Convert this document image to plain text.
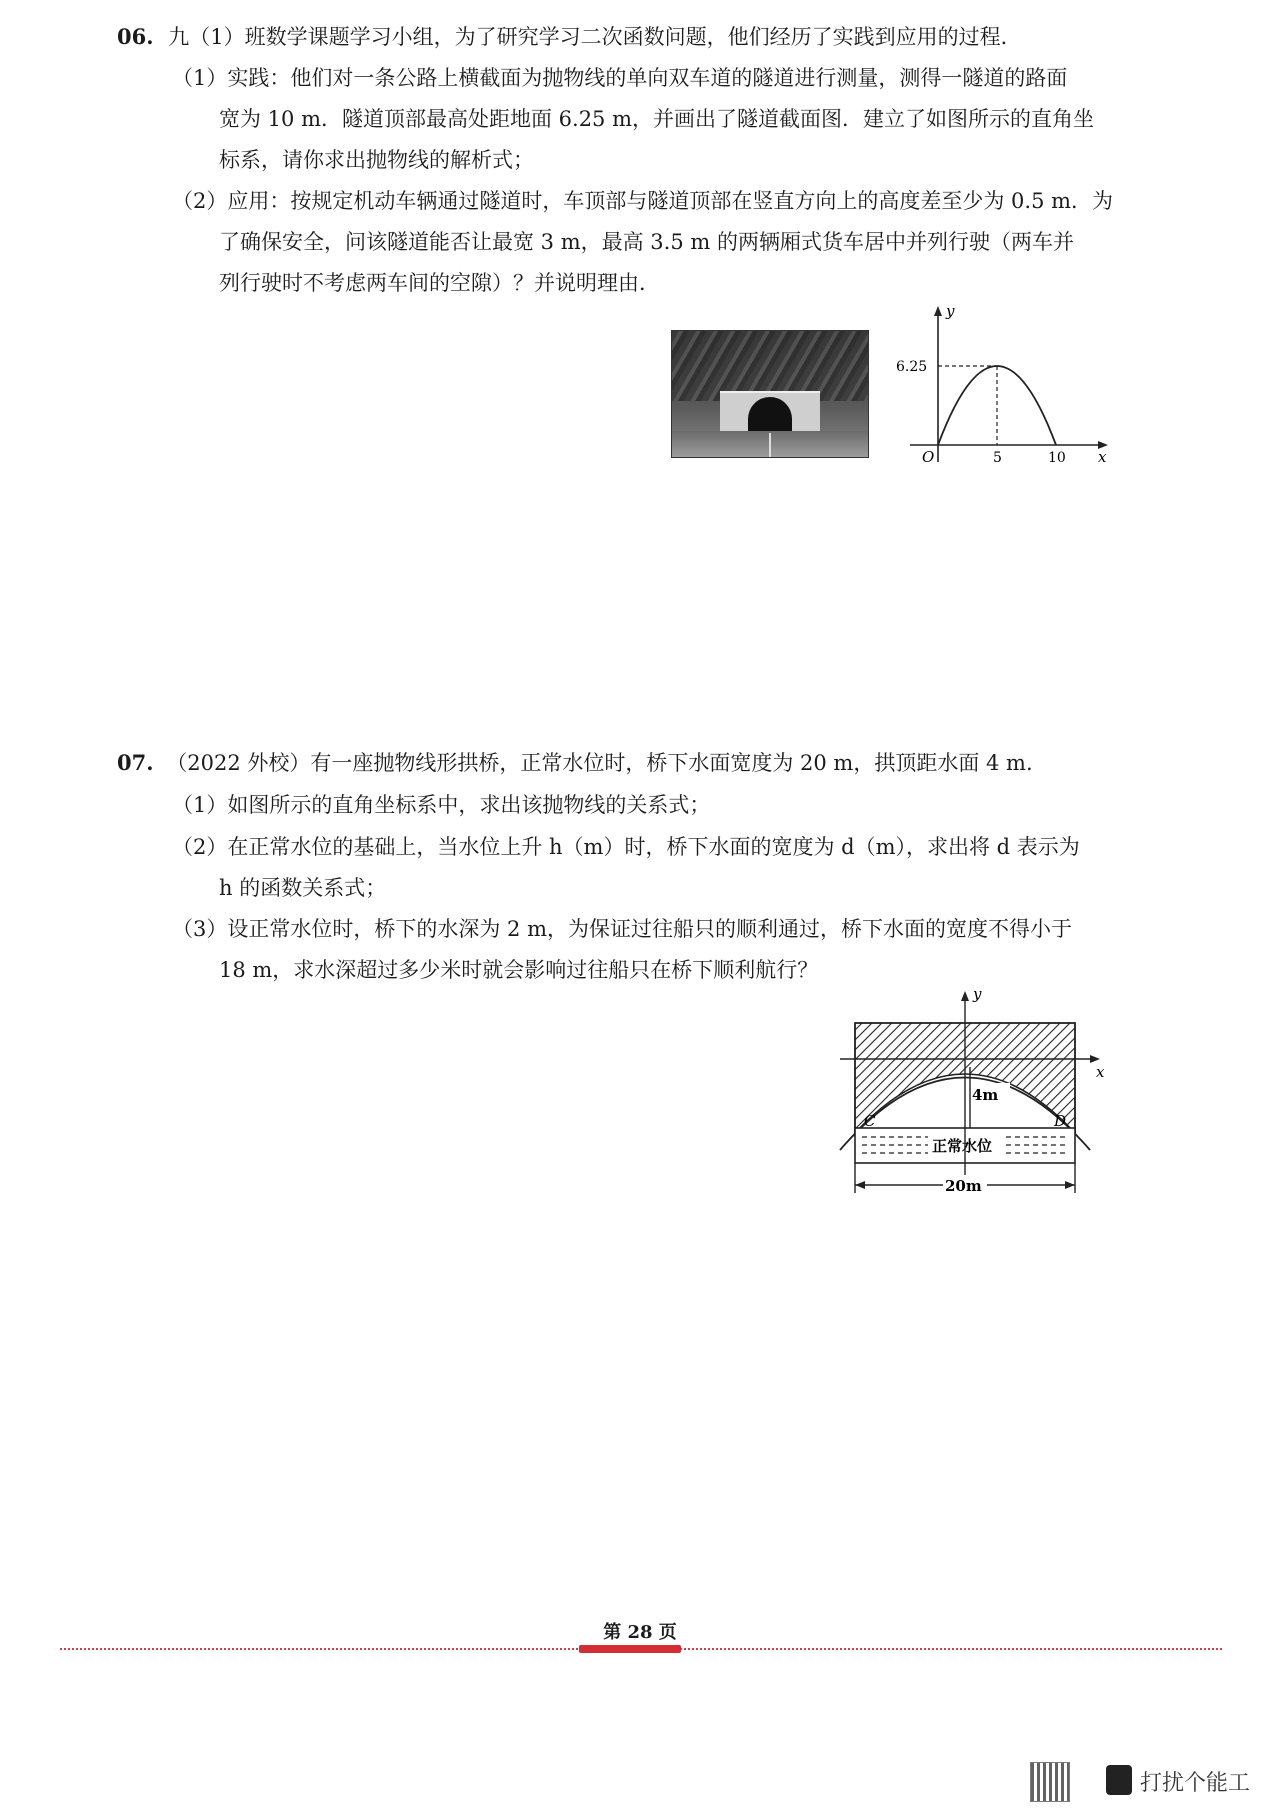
06. 九（1）班数学课题学习小组，为了研究学习二次函数问题，他们经历了实践到应用的过程．
（1）实践：他们对一条公路上横截面为抛物线的单向双车道的隧道进行测量，测得一隧道的路面
宽为 10 m．隧道顶部最高处距地面 6.25 m，并画出了隧道截面图．建立了如图所示的直角坐
标系，请你求出抛物线的解析式；
（2）应用：按规定机动车辆通过隧道时，车顶部与隧道顶部在竖直方向上的高度差至少为 0.5 m．为
了确保安全，问该隧道能否让最宽 3 m，最高 3.5 m 的两辆厢式货车居中并列行驶（两车并
列行驶时不考虑两车间的空隙）？并说明理由．
y
x
O
6.25
5	10
07. （2022 外校）有一座抛物线形拱桥，正常水位时，桥下水面宽度为 20 m，拱顶距水面 4 m.
（1）如图所示的直角坐标系中，求出该抛物线的关系式；
（2）在正常水位的基础上，当水位上升 h（m）时，桥下水面的宽度为 d（m），求出将 d 表示为
h 的函数关系式；
（3）设正常水位时，桥下的水深为 2 m，为保证过往船只的顺利通过，桥下水面的宽度不得小于
18 m，求水深超过多少米时就会影响过往船只在桥下顺利航行？
正常水位
y
x
4m
C	D
20m
第 28 页
打扰个能工
